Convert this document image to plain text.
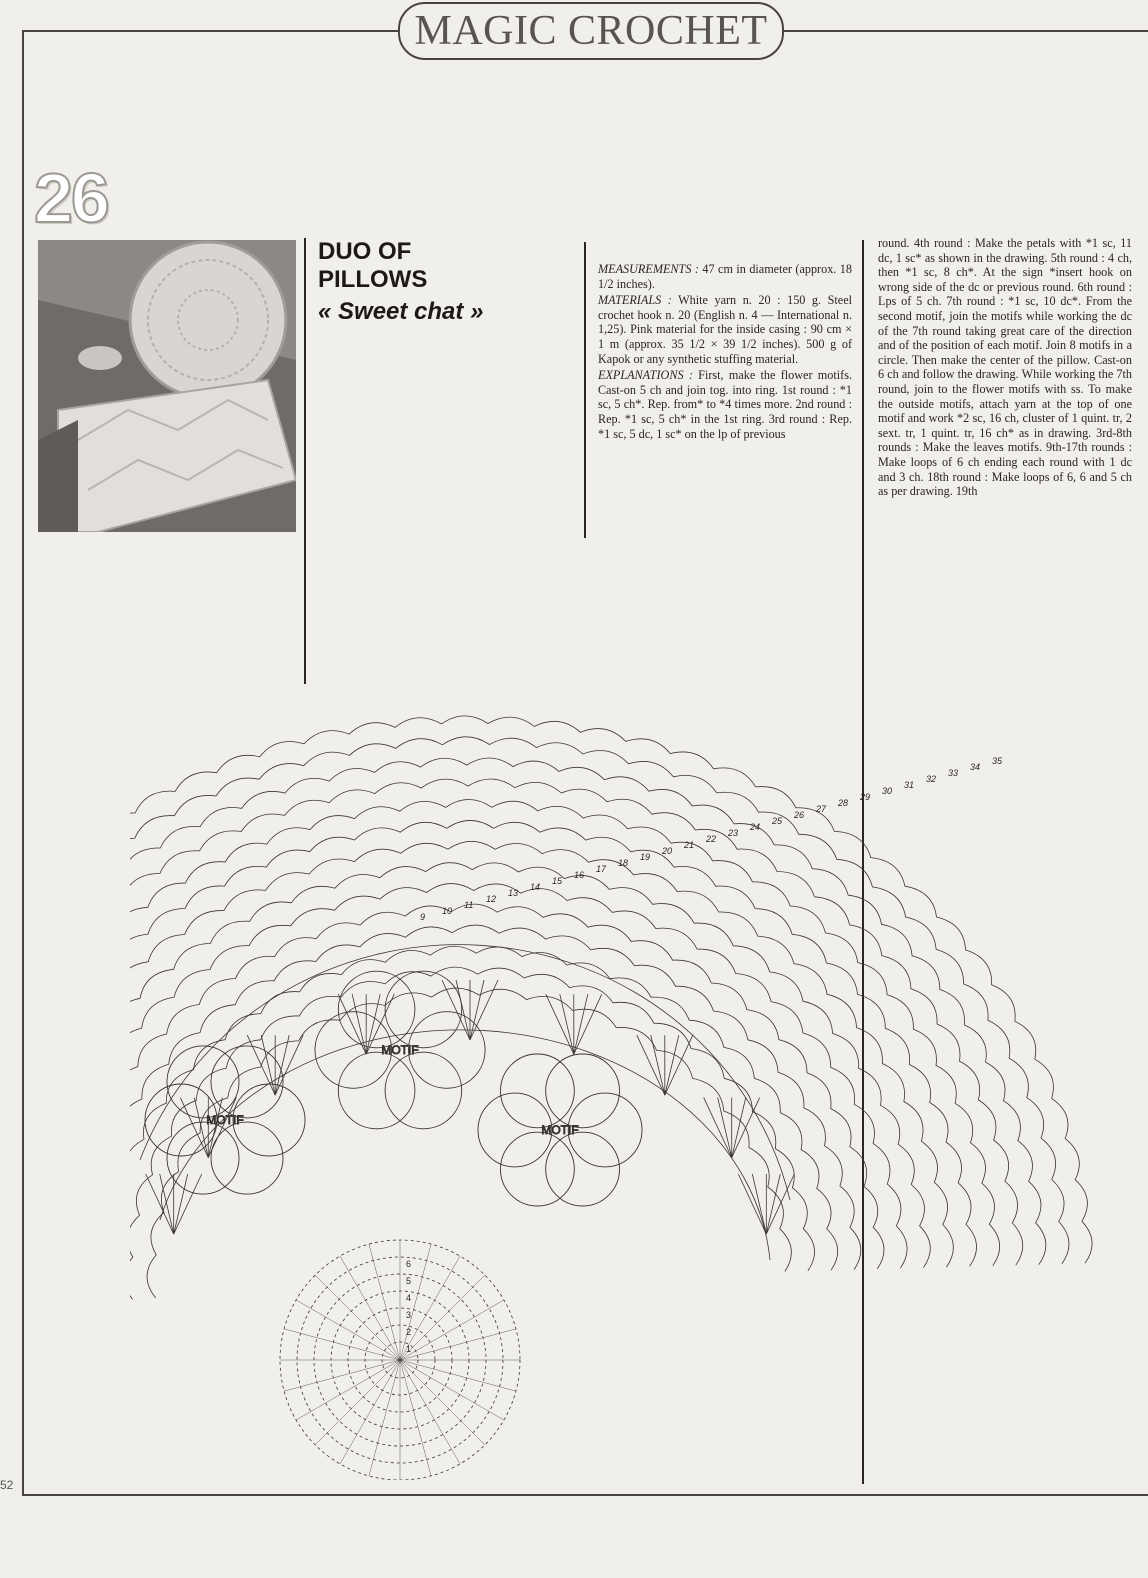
MAGIC CROCHET
52
26
DUO OF
PILLOWS
« Sweet chat »

MEASUREMENTS : 47 cm in diameter (approx. 18 1/2 inches).

MATERIALS : White yarn n. 20 : 150 g. Steel crochet hook n. 20 (English n. 4 — International n. 1,25). Pink material for the inside casing : 90 cm × 1 m (approx. 35 1/2 × 39 1/2 inches). 500 g of Kapok or any synthetic stuffing material.

EXPLANATIONS : First, make the flower motifs. Cast-on 5 ch and join tog. into ring. 1st round : *1 sc, 5 ch*. Rep. from* to *4 times more. 2nd round : Rep. *1 sc, 5 ch* in the 1st ring. 3rd round : Rep. *1 sc, 5 dc, 1 sc* on the lp of previous

round. 4th round : Make the petals with *1 sc, 11 dc, 1 sc* as shown in the drawing. 5th round : 4 ch, then *1 sc, 8 ch*. At the sign *insert hook on wrong side of the dc or previous round. 6th round : Lps of 5 ch. 7th round : *1 sc, 10 dc*. From the second motif, join the motifs while working the dc of the 7th round taking great care of the direction and of the position of each motif. Join 8 motifs in a circle. Then make the center of the pillow. Cast-on 6 ch and follow the drawing. While working the 7th round, join to the flower motifs with ss. To make the outside motifs, attach yarn at the top of one motif and work *2 sc, 16 ch, cluster of 1 quint. tr, 2 sext. tr, 1 quint. tr, 16 ch* as in drawing. 3rd-8th rounds : Make the leaves motifs. 9th-17th rounds : Make loops of 6 ch ending each round with 1 dc and 3 ch. 18th round : Make loops of 6, 6 and 5 ch as per drawing. 19th

MOTIF
MOTIF
MOTIF
9
10
11
12
13
14
15
16
17
18
19
20
21
22
23
24
25
26
27
28
29
30
31
32
33
34
35
1
2
3
4
5
6
